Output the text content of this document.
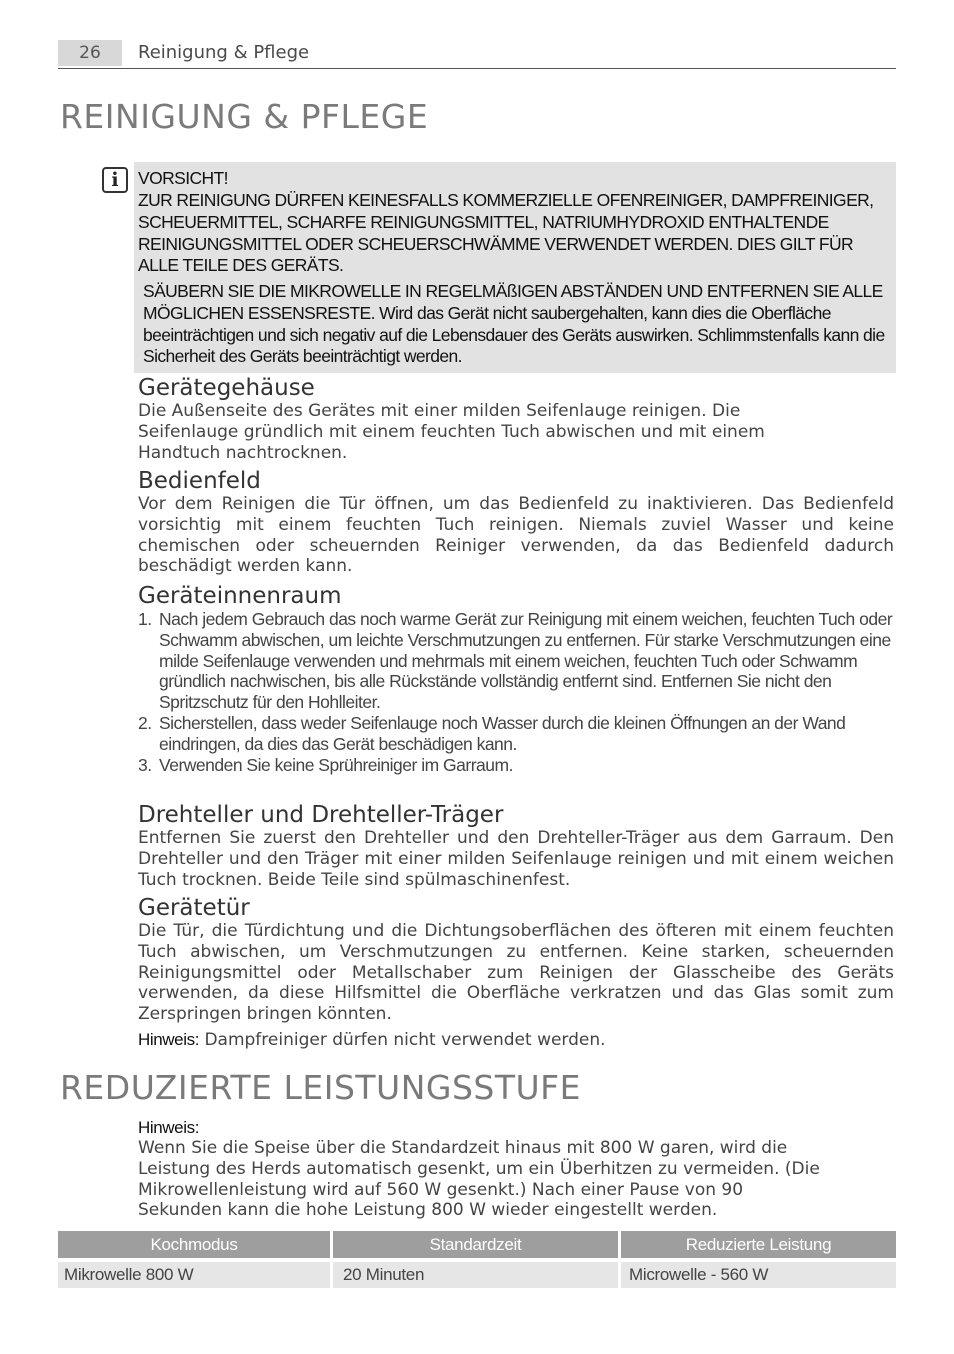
26	Reinigung & Pflege
REINIGUNG & PFLEGE
i	VORSICHT!

ZUR REINIGUNG DÜRFEN KEINESFALLS KOMMERZIELLE OFENREINIGER, DAMPFREINIGER, SCHEUERMITTEL, SCHARFE REINIGUNGSMITTEL, NATRIUMHYDROXID ENTHALTENDE REINIGUNGSMITTEL ODER SCHEUERSCHWÄMME VERWENDET WERDEN. DIES GILT FÜR ALLE TEILE DES GERÄTS.

SÄUBERN SIE DIE MIKROWELLE IN REGELMÄßIGEN ABSTÄNDEN UND ENTFERNEN SIE ALLE MÖGLICHEN ESSENSRESTE. Wird das Gerät nicht saubergehalten, kann dies die Oberfläche beeinträchtigen und sich negativ auf die Lebensdauer des Geräts auswirken. Schlimmstenfalls kann die Sicherheit des Geräts beeinträchtigt werden.

Gerätegehäuse

Die Außenseite des Gerätes mit einer milden Seifenlauge reinigen. Die Seifenlauge gründlich mit einem feuchten Tuch abwischen und mit einem Handtuch nachtrocknen.

Bedienfeld

Vor dem Reinigen die Tür öffnen, um das Bedienfeld zu inaktivieren. Das Bedienfeld vorsichtig mit einem feuchten Tuch reinigen. Niemals zuviel Wasser und keine chemischen oder scheuernden Reiniger verwenden, da das Bedienfeld dadurch beschädigt werden kann.

Geräteinnenraum
1. Nach jedem Gebrauch das noch warme Gerät zur Reinigung mit einem weichen, feuchten Tuch oder Schwamm abwischen, um leichte Verschmutzungen zu entfernen. Für starke Verschmutzungen eine milde Seifenlauge verwenden und mehrmals mit einem weichen, feuchten Tuch oder Schwamm gründlich nachwischen, bis alle Rückstände vollständig entfernt sind. Entfernen Sie nicht den Spritzschutz für den Hohlleiter.
2. Sicherstellen, dass weder Seifenlauge noch Wasser durch die kleinen Öffnungen an der Wand eindringen, da dies das Gerät beschädigen kann.
3. Verwenden Sie keine Sprühreiniger im Garraum.
Drehteller und Drehteller-Träger

Entfernen Sie zuerst den Drehteller und den Drehteller-Träger aus dem Garraum. Den Drehteller und den Träger mit einer milden Seifenlauge reinigen und mit einem weichen Tuch trocknen. Beide Teile sind spülmaschinenfest.

Gerätetür

Die Tür, die Türdichtung und die Dichtungsoberflächen des öfteren mit einem feuchten Tuch abwischen, um Verschmutzungen zu entfernen. Keine starken, scheuernden Reinigungsmittel oder Metallschaber zum Reinigen der Glasscheibe des Geräts verwenden, da diese Hilfsmittel die Oberfläche verkratzen und das Glas somit zum Zerspringen bringen könnten.

Hinweis: Dampfreiniger dürfen nicht verwendet werden.

REDUZIERTE LEISTUNGSSTUFE

Hinweis:

Wenn Sie die Speise über die Standardzeit hinaus mit 800 W garen, wird die Leistung des Herds automatisch gesenkt, um ein Überhitzen zu vermeiden. (Die Mikrowellenleistung wird auf 560 W gesenkt.) Nach einer Pause von 90 Sekunden kann die hohe Leistung 800 W wieder eingestellt werden.

Kochmodus	Standardzeit	Reduzierte Leistung
Mikrowelle 800 W	20 Minuten	Microwelle - 560 W
